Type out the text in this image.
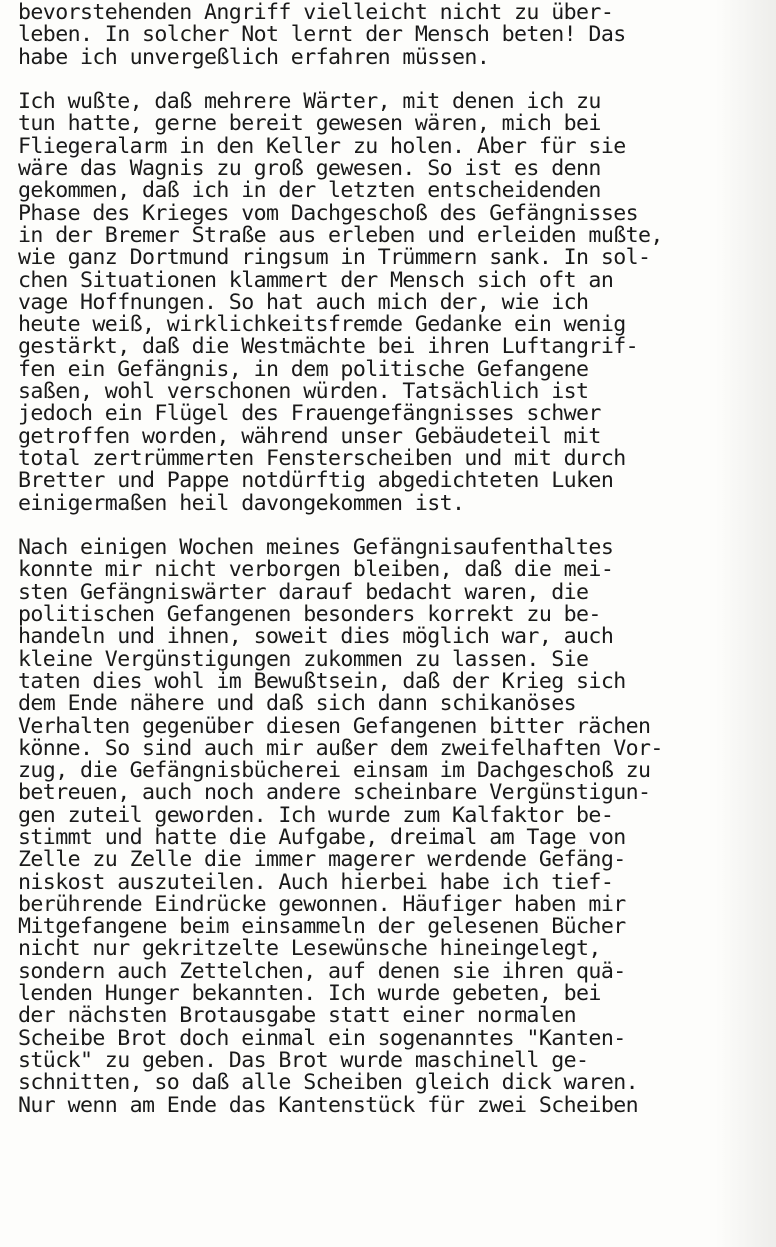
bevorstehenden Angriff vielleicht nicht zu über-
leben. In solcher Not lernt der Mensch beten! Das
habe ich unvergeßlich erfahren müssen.
Ich wußte, daß mehrere Wärter, mit denen ich zu
tun hatte, gerne bereit gewesen wären, mich bei
Fliegeralarm in den Keller zu holen. Aber für sie
wäre das Wagnis zu groß gewesen. So ist es denn
gekommen, daß ich in der letzten entscheidenden
Phase des Krieges vom Dachgeschoß des Gefängnisses
in der Bremer Straße aus erleben und erleiden mußte,
wie ganz Dortmund ringsum in Trümmern sank. In sol-
chen Situationen klammert der Mensch sich oft an
vage Hoffnungen. So hat auch mich der, wie ich
heute weiß, wirklichkeitsfremde Gedanke ein wenig
gestärkt, daß die Westmächte bei ihren Luftangrif-
fen ein Gefängnis, in dem politische Gefangene
saßen, wohl verschonen würden. Tatsächlich ist
jedoch ein Flügel des Frauengefängnisses schwer
getroffen worden, während unser Gebäudeteil mit
total zertrümmerten Fensterscheiben und mit durch
Bretter und Pappe notdürftig abgedichteten Luken
einigermaßen heil davongekommen ist.
Nach einigen Wochen meines Gefängnisaufenthaltes
konnte mir nicht verborgen bleiben, daß die mei-
sten Gefängniswärter darauf bedacht waren, die
politischen Gefangenen besonders korrekt zu be-
handeln und ihnen, soweit dies möglich war, auch
kleine Vergünstigungen zukommen zu lassen. Sie
taten dies wohl im Bewußtsein, daß der Krieg sich
dem Ende nähere und daß sich dann schikanöses
Verhalten gegenüber diesen Gefangenen bitter rächen
könne. So sind auch mir außer dem zweifelhaften Vor-
zug, die Gefängnisbücherei einsam im Dachgeschoß zu
betreuen, auch noch andere scheinbare Vergünstigun-
gen zuteil geworden. Ich wurde zum Kalfaktor be-
stimmt und hatte die Aufgabe, dreimal am Tage von
Zelle zu Zelle die immer magerer werdende Gefäng-
niskost auszuteilen. Auch hierbei habe ich tief-
berührende Eindrücke gewonnen. Häufiger haben mir
Mitgefangene beim einsammeln der gelesenen Bücher
nicht nur gekritzelte Lesewünsche hineingelegt,
sondern auch Zettelchen, auf denen sie ihren quä-
lenden Hunger bekannten. Ich wurde gebeten, bei
der nächsten Brotausgabe statt einer normalen
Scheibe Brot doch einmal ein sogenanntes "Kanten-
stück" zu geben. Das Brot wurde maschinell ge-
schnitten, so daß alle Scheiben gleich dick waren.
Nur wenn am Ende das Kantenstück für zwei Scheiben
